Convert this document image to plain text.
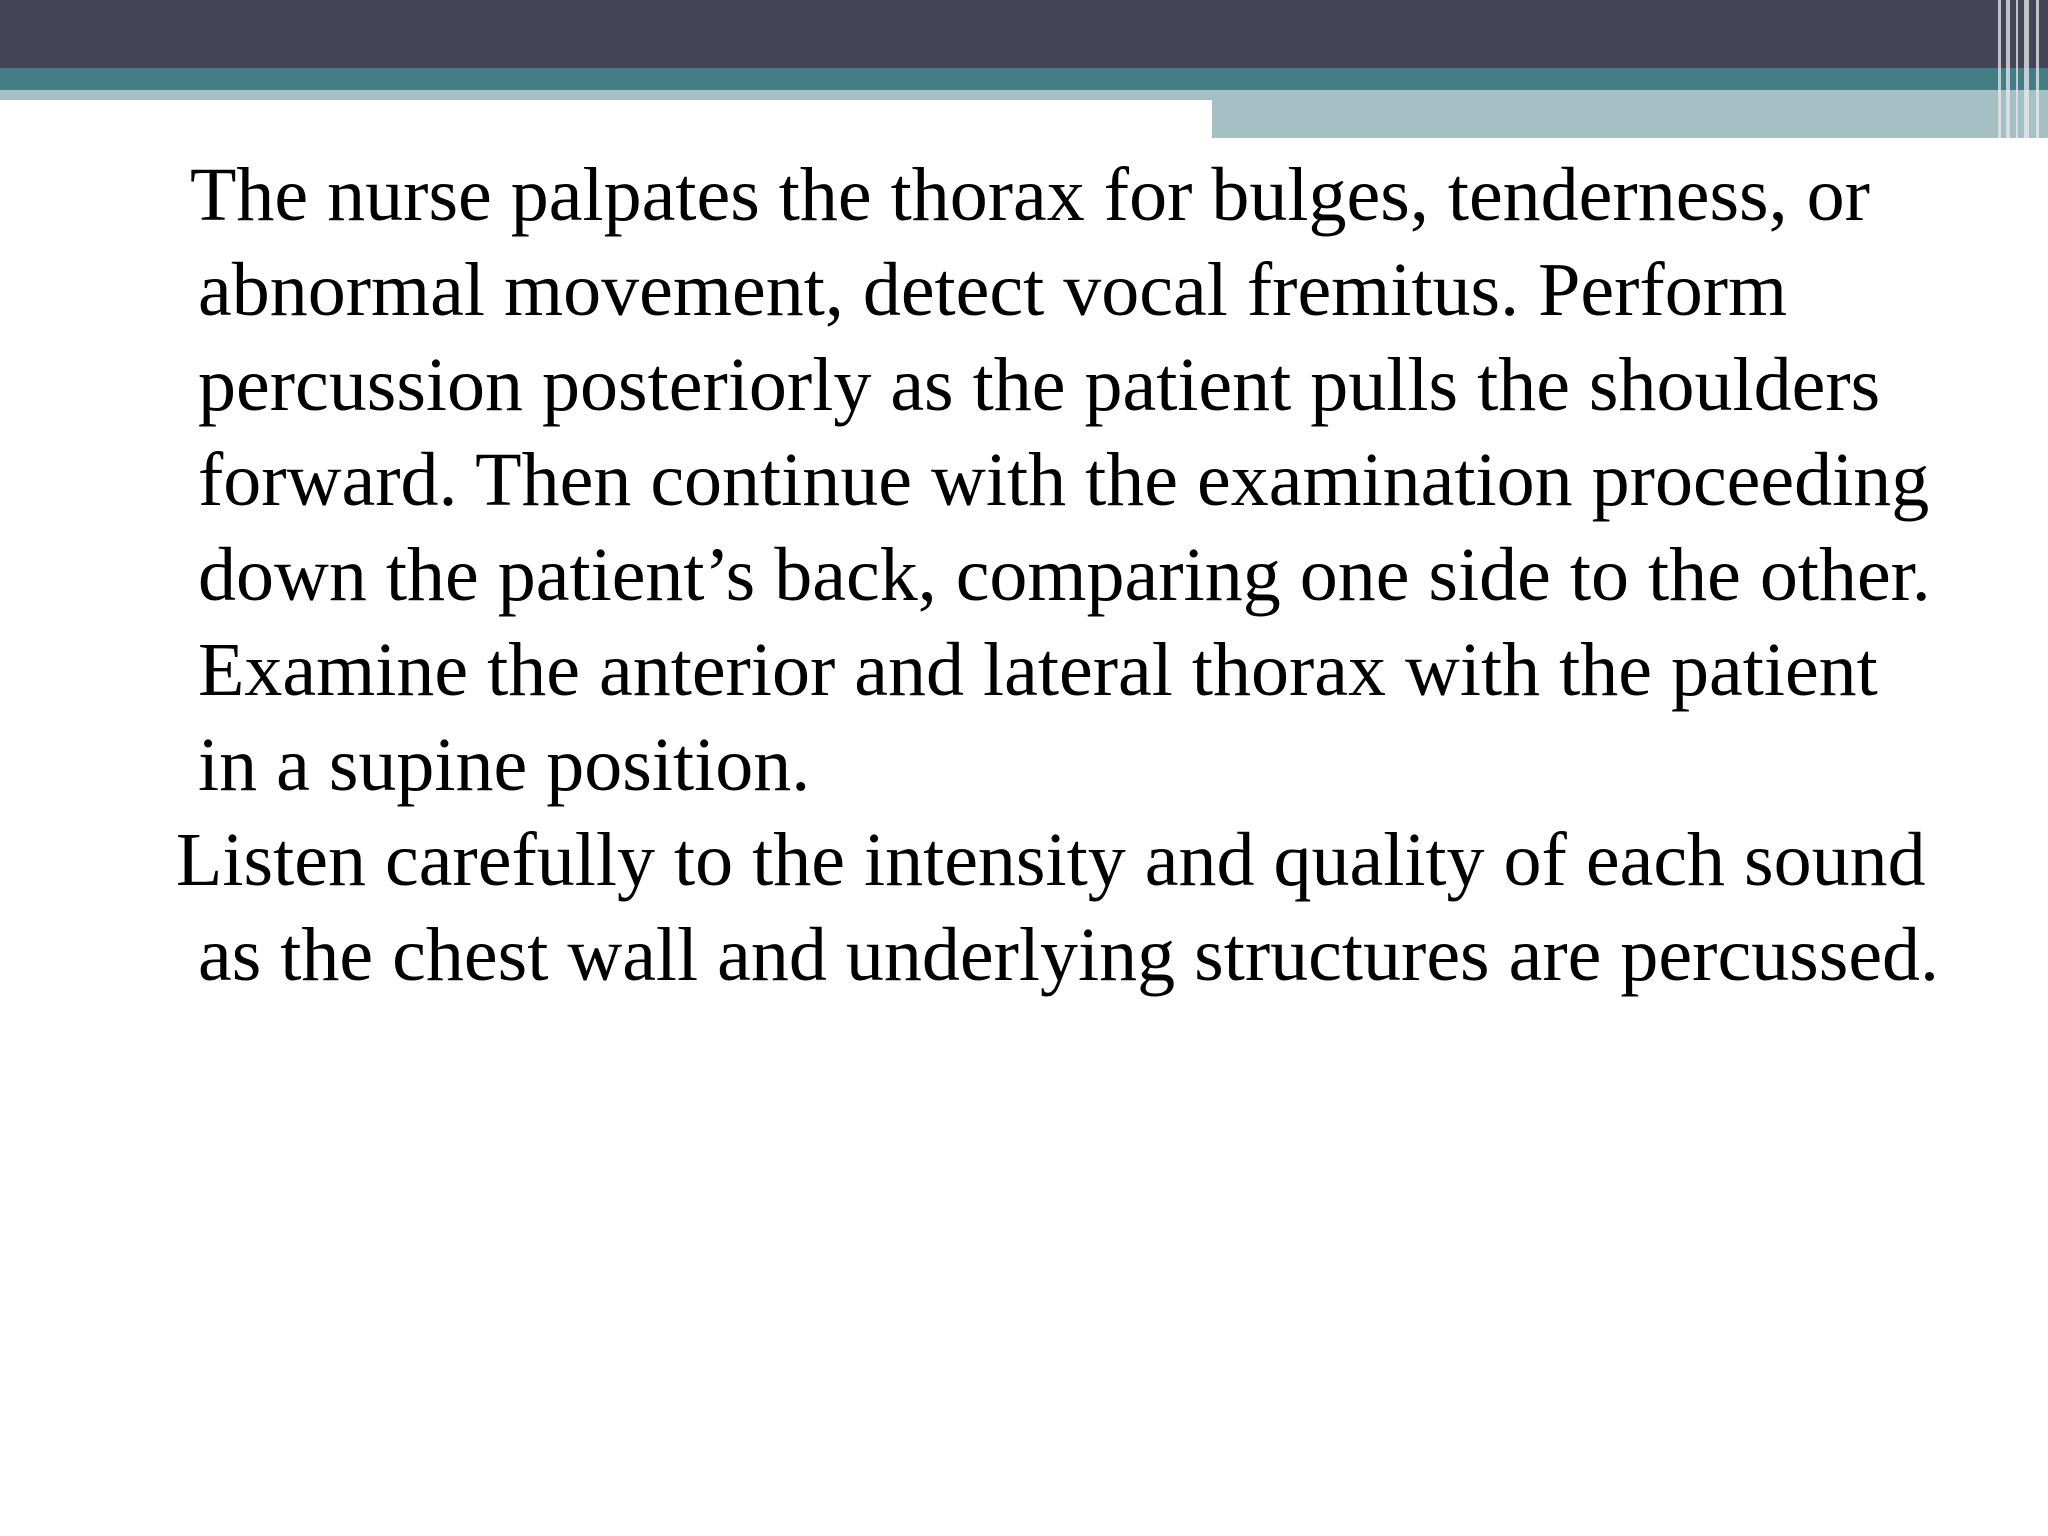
The nurse palpates the thorax for bulges, tenderness, or abnormal movement, detect vocal fremitus. Perform percussion posteriorly as the patient pulls the shoulders forward. Then continue with the examination proceeding down the patient’s back, comparing one side to the other. Examine the anterior and lateral thorax with the patient in a supine position.

Listen carefully to the intensity and quality of each sound as the chest wall and underlying structures are percussed.
